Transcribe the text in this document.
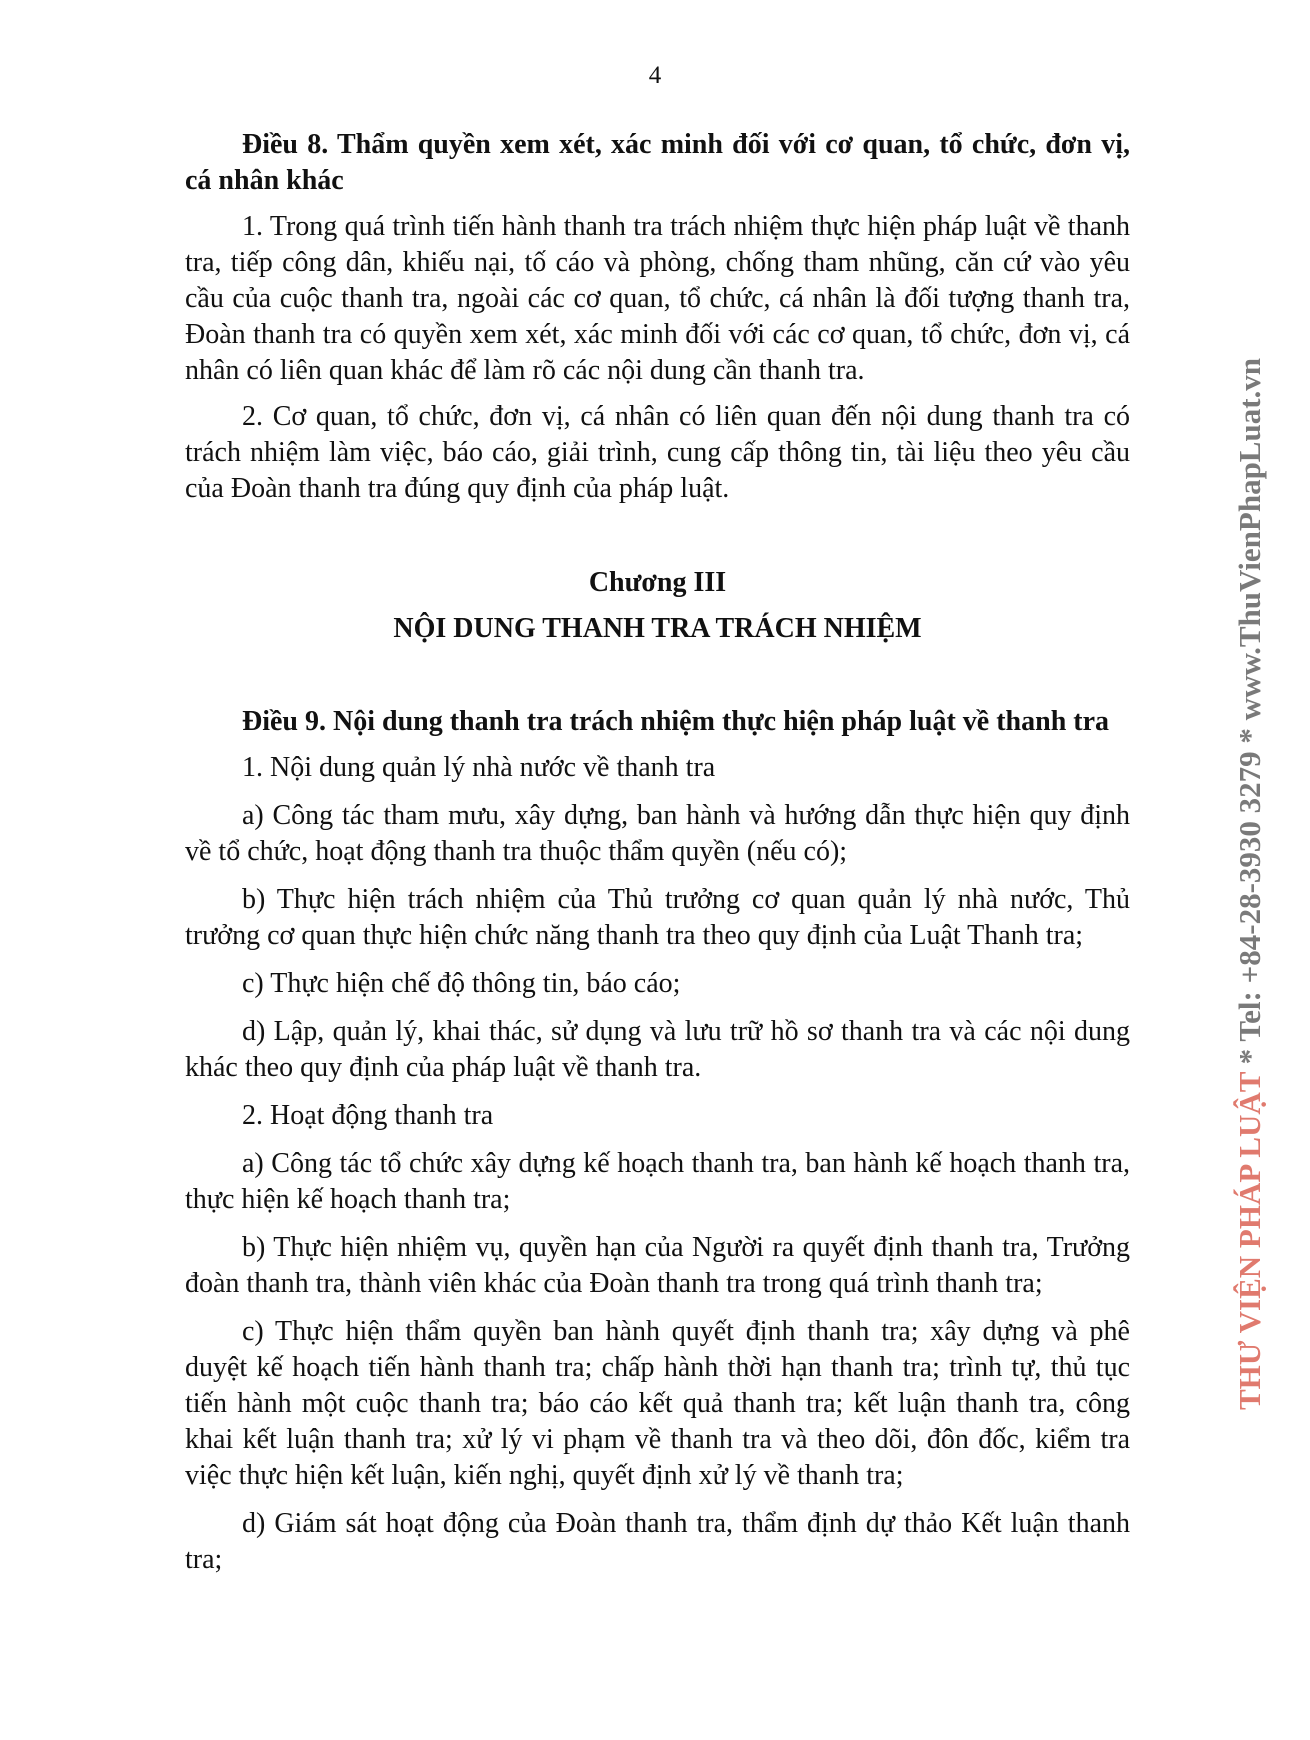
4

Điều 8. Thẩm quyền xem xét, xác minh đối với cơ quan, tổ chức, đơn vị, cá nhân khác

1. Trong quá trình tiến hành thanh tra trách nhiệm thực hiện pháp luật về thanh tra, tiếp công dân, khiếu nại, tố cáo và phòng, chống tham nhũng, căn cứ vào yêu cầu của cuộc thanh tra, ngoài các cơ quan, tổ chức, cá nhân là đối tượng thanh tra, Đoàn thanh tra có quyền xem xét, xác minh đối với các cơ quan, tổ chức, đơn vị, cá nhân có liên quan khác để làm rõ các nội dung cần thanh tra.

2. Cơ quan, tổ chức, đơn vị, cá nhân có liên quan đến nội dung thanh tra có trách nhiệm làm việc, báo cáo, giải trình, cung cấp thông tin, tài liệu theo yêu cầu của Đoàn thanh tra đúng quy định của pháp luật.

Chương III
NỘI DUNG THANH TRA TRÁCH NHIỆM

Điều 9. Nội dung thanh tra trách nhiệm thực hiện pháp luật về thanh tra

1. Nội dung quản lý nhà nước về thanh tra

a) Công tác tham mưu, xây dựng, ban hành và hướng dẫn thực hiện quy định về tổ chức, hoạt động thanh tra thuộc thẩm quyền (nếu có);

b) Thực hiện trách nhiệm của Thủ trưởng cơ quan quản lý nhà nước, Thủ trưởng cơ quan thực hiện chức năng thanh tra theo quy định của Luật Thanh tra;

c) Thực hiện chế độ thông tin, báo cáo;

d) Lập, quản lý, khai thác, sử dụng và lưu trữ hồ sơ thanh tra và các nội dung khác theo quy định của pháp luật về thanh tra.

2. Hoạt động thanh tra

a) Công tác tổ chức xây dựng kế hoạch thanh tra, ban hành kế hoạch thanh tra, thực hiện kế hoạch thanh tra;

b) Thực hiện nhiệm vụ, quyền hạn của Người ra quyết định thanh tra, Trưởng đoàn thanh tra, thành viên khác của Đoàn thanh tra trong quá trình thanh tra;

c) Thực hiện thẩm quyền ban hành quyết định thanh tra; xây dựng và phê duyệt kế hoạch tiến hành thanh tra; chấp hành thời hạn thanh tra; trình tự, thủ tục tiến hành một cuộc thanh tra; báo cáo kết quả thanh tra; kết luận thanh tra, công khai kết luận thanh tra; xử lý vi phạm về thanh tra và theo dõi, đôn đốc, kiểm tra việc thực hiện kết luận, kiến nghị, quyết định xử lý về thanh tra;

d) Giám sát hoạt động của Đoàn thanh tra, thẩm định dự thảo Kết luận thanh tra;

THƯ VIỆN PHÁP LUẬT * Tel: +84-28-3930 3279 * www.ThuVienPhapLuat.vn
